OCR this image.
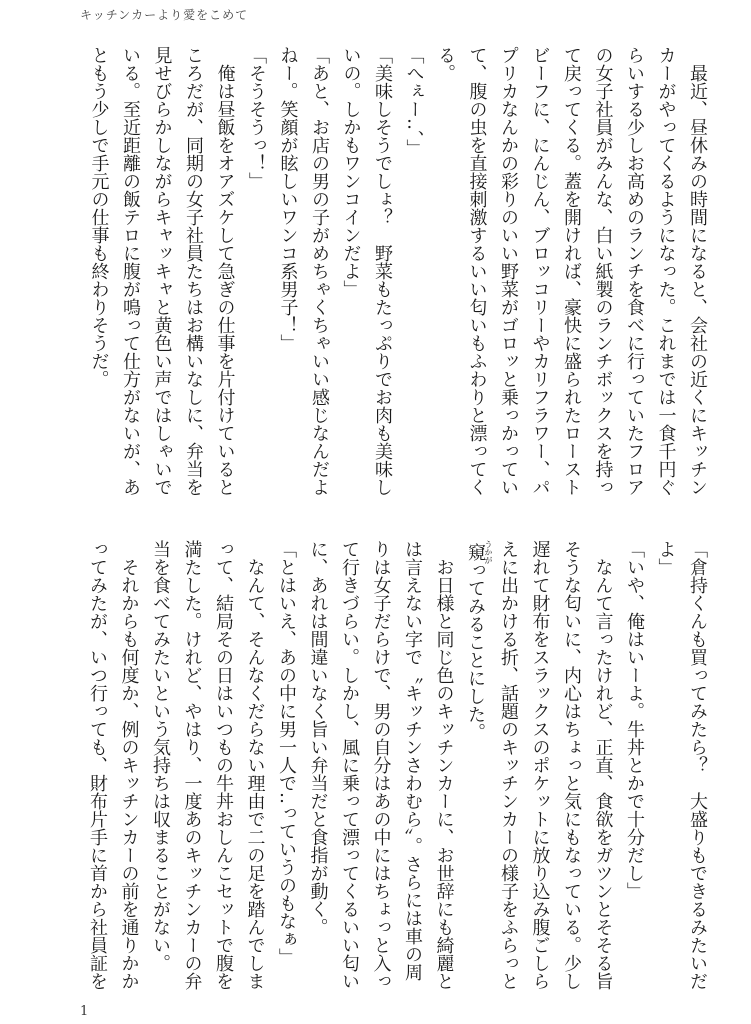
キッチンカーより愛をこめて
　最近、昼休みの時間になると、会社の近くにキッチン
カーがやってくるようになった。これまでは一食千円ぐ
らいする少しお高めのランチを食べに行っていたフロア
の女子社員がみんな、白い紙製のランチボックスを持っ
て戻ってくる。蓋を開ければ、豪快に盛られたロースト
ビーフに、にんじん、ブロッコリーやカリフラワー、パ
プリカなんかの彩りのいい野菜がゴロッと乗っかってい
て、腹の虫を直接刺激するいい匂いもふわりと漂ってく
る。
「へぇー‥、」
「美味しそうでしょ？　野菜もたっぷりでお肉も美味し
いの。しかもワンコインだよ」
「あと、お店の男の子がめちゃくちゃいい感じなんだよ
ねー。笑顔が眩しいワンコ系男子！」
「そうそうっ！」
　俺は昼飯をオアズケして急ぎの仕事を片付けていると
ころだが、同期の女子社員たちはお構いなしに、弁当を
見せびらかしながらキャッキャと黄色い声ではしゃいで
いる。至近距離の飯テロに腹が鳴って仕方がないが、あ
ともう少しで手元の仕事も終わりそうだ。
「倉持くんも買ってみたら？　大盛りもできるみたいだ
よ」
「いや、俺はいーよ。牛丼とかで十分だし」
　なんて言ったけれど、正直、食欲をガツンとそそる旨
そうな匂いに、内心はちょっと気にもなっている。少し
遅れて財布をスラックスのポケットに放り込み腹ごしら
えに出かける折、話題のキッチンカーの様子をふらっと
窺うかがってみることにした。
　お日様と同じ色のキッチンカーに、お世辞にも綺麗と
は言えない字で〝キッチンさわむら〟。さらには車の周
りは女子だらけで、男の自分はあの中にはちょっと入っ
て行きづらい。しかし、風に乗って漂ってくるいい匂い
に、あれは間違いなく旨い弁当だと食指が動く。
「とはいえ、あの中に男一人で‥っていうのもなぁ」
　なんて、そんなくだらない理由で二の足を踏んでしま
って、結局その日はいつもの牛丼おしんこセットで腹を
満たした。けれど、やはり、一度あのキッチンカーの弁
当を食べてみたいという気持ちは収まることがない。
　それからも何度か、例のキッチンカーの前を通りかか
ってみたが、いつ行っても、財布片手に首から社員証を
1
